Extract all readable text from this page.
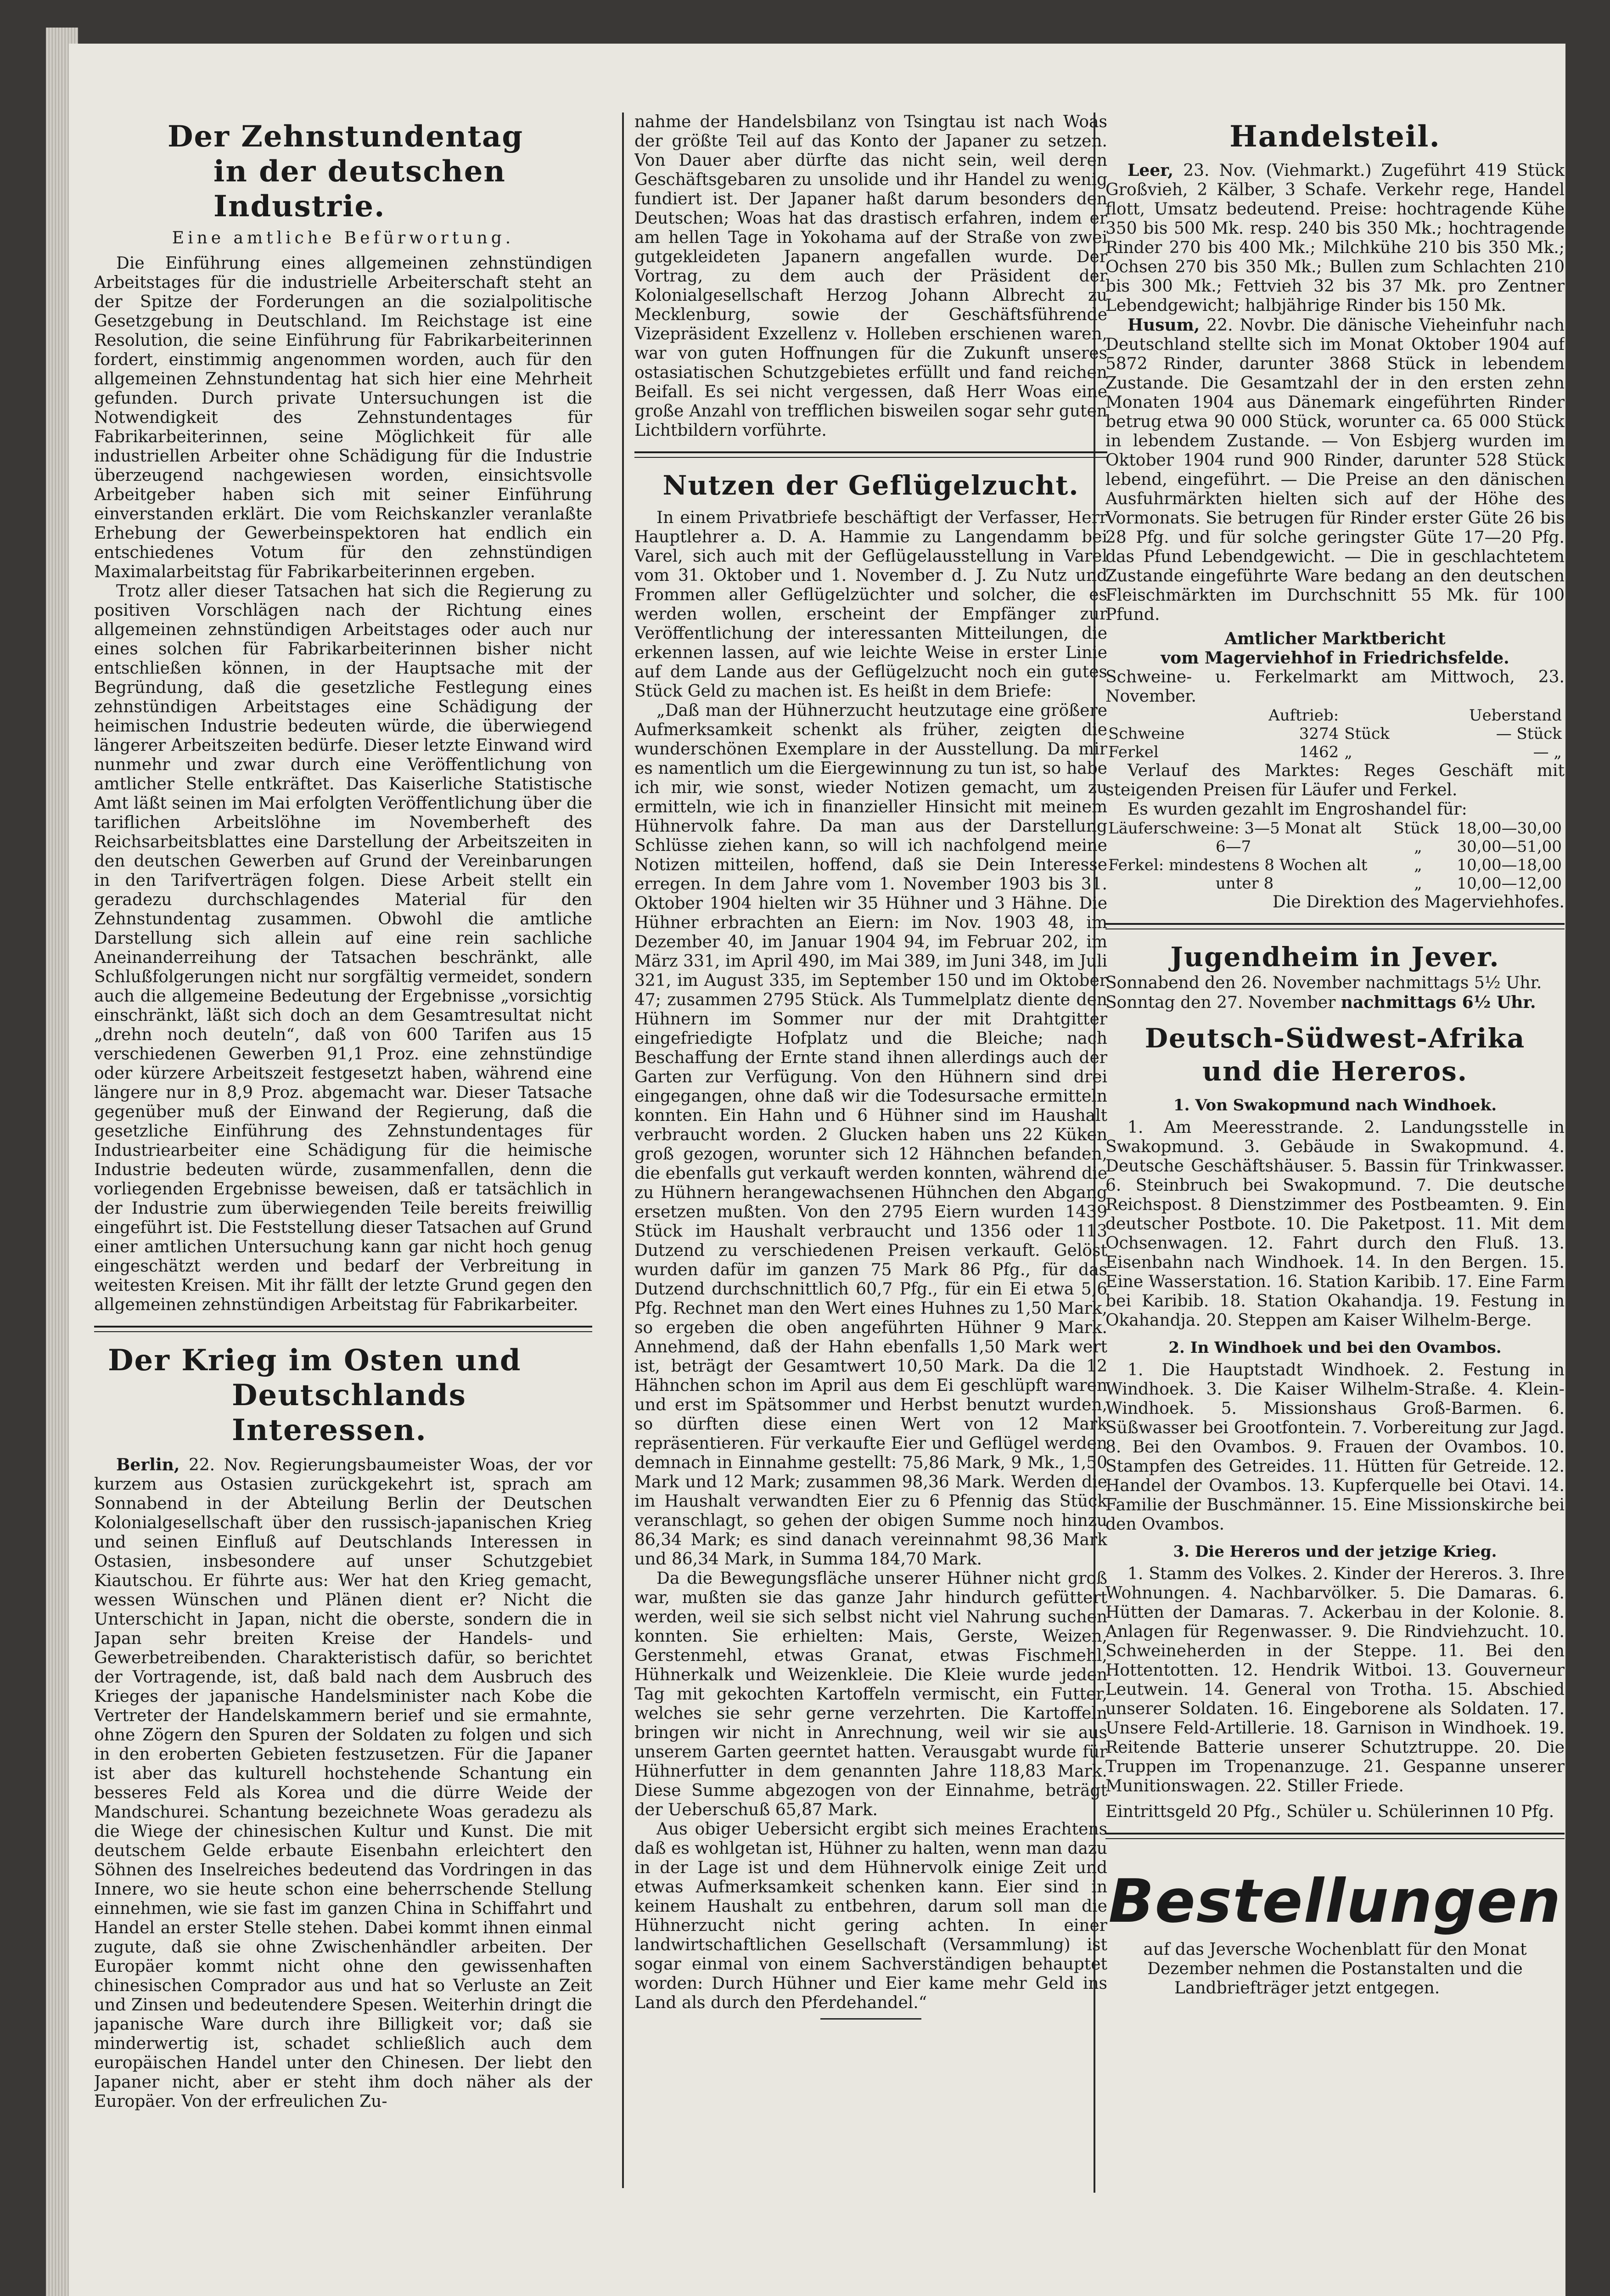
Der Zehnstundentag
in der deutschen Industrie.
Eine amtliche Befürwortung.

Die Einführung eines allgemeinen zehnstündigen Arbeitstages für die industrielle Arbeiterschaft steht an der Spitze der Forderungen an die sozialpolitische Gesetzgebung in Deutschland. Im Reichstage ist eine Resolution, die seine Einführung für Fabrikarbeiterinnen fordert, einstimmig angenommen worden, auch für den allgemeinen Zehnstundentag hat sich hier eine Mehrheit gefunden. Durch private Untersuchungen ist die Notwendigkeit des Zehnstundentages für Fabrikarbeiterinnen, seine Möglichkeit für alle industriellen Arbeiter ohne Schädigung für die Industrie überzeugend nachgewiesen worden, einsichtsvolle Arbeitgeber haben sich mit seiner Einführung einverstanden erklärt. Die vom Reichskanzler veranlaßte Erhebung der Gewerbeinspektoren hat endlich ein entschiedenes Votum für den zehnstündigen Maximalarbeitstag für Fabrikarbeiterinnen ergeben.

Trotz aller dieser Tatsachen hat sich die Regierung zu positiven Vorschlägen nach der Richtung eines allgemeinen zehnstündigen Arbeitstages oder auch nur eines solchen für Fabrikarbeiterinnen bisher nicht entschließen können, in der Hauptsache mit der Begründung, daß die gesetzliche Festlegung eines zehnstündigen Arbeitstages eine Schädigung der heimischen Industrie bedeuten würde, die überwiegend längerer Arbeitszeiten bedürfe. Dieser letzte Einwand wird nunmehr und zwar durch eine Veröffentlichung von amtlicher Stelle entkräftet. Das Kaiserliche Statistische Amt läßt seinen im Mai erfolgten Veröffentlichung über die tariflichen Arbeitslöhne im Novemberheft des Reichsarbeitsblattes eine Darstellung der Arbeitszeiten in den deutschen Gewerben auf Grund der Vereinbarungen in den Tarifverträgen folgen. Diese Arbeit stellt ein geradezu durchschlagendes Material für den Zehnstundentag zusammen. Obwohl die amtliche Darstellung sich allein auf eine rein sachliche Aneinanderreihung der Tatsachen beschränkt, alle Schlußfolgerungen nicht nur sorgfältig vermeidet, sondern auch die allgemeine Bedeutung der Ergebnisse „vorsichtig einschränkt, läßt sich doch an dem Gesamtresultat nicht „drehn noch deuteln“, daß von 600 Tarifen aus 15 verschiedenen Gewerben 91,1 Proz. eine zehnstündige oder kürzere Arbeitszeit festgesetzt haben, während eine längere nur in 8,9 Proz. abgemacht war. Dieser Tatsache gegenüber muß der Einwand der Regierung, daß die gesetzliche Einführung des Zehnstundentages für Industriearbeiter eine Schädigung für die heimische Industrie bedeuten würde, zusammenfallen, denn die vorliegenden Ergebnisse beweisen, daß er tatsächlich in der Industrie zum überwiegenden Teile bereits freiwillig eingeführt ist. Die Feststellung dieser Tatsachen auf Grund einer amtlichen Untersuchung kann gar nicht hoch genug eingeschätzt werden und bedarf der Verbreitung in weitesten Kreisen. Mit ihr fällt der letzte Grund gegen den allgemeinen zehnstündigen Arbeitstag für Fabrikarbeiter.

Der Krieg im Osten und
Deutschlands Interessen.

Berlin, 22. Nov. Regierungsbaumeister Woas, der vor kurzem aus Ostasien zurückgekehrt ist, sprach am Sonnabend in der Abteilung Berlin der Deutschen Kolonialgesellschaft über den russisch-japanischen Krieg und seinen Einfluß auf Deutschlands Interessen in Ostasien, insbesondere auf unser Schutzgebiet Kiautschou. Er führte aus: Wer hat den Krieg gemacht, wessen Wünschen und Plänen dient er? Nicht die Unterschicht in Japan, nicht die oberste, sondern die in Japan sehr breiten Kreise der Handels- und Gewerbetreibenden. Charakteristisch dafür, so berichtet der Vortragende, ist, daß bald nach dem Ausbruch des Krieges der japanische Handelsminister nach Kobe die Vertreter der Handelskammern berief und sie ermahnte, ohne Zögern den Spuren der Soldaten zu folgen und sich in den eroberten Gebieten festzusetzen. Für die Japaner ist aber das kulturell hochstehende Schantung ein besseres Feld als Korea und die dürre Weide der Mandschurei. Schantung bezeichnete Woas geradezu als die Wiege der chinesischen Kultur und Kunst. Die mit deutschem Gelde erbaute Eisenbahn erleichtert den Söhnen des Inselreiches bedeutend das Vordringen in das Innere, wo sie heute schon eine beherrschende Stellung einnehmen, wie sie fast im ganzen China in Schiffahrt und Handel an erster Stelle stehen. Dabei kommt ihnen einmal zugute, daß sie ohne Zwischenhändler arbeiten. Der Europäer kommt nicht ohne den gewissenhaften chinesischen Comprador aus und hat so Verluste an Zeit und Zinsen und bedeutendere Spesen. Weiterhin dringt die japanische Ware durch ihre Billigkeit vor; daß sie minderwertig ist, schadet schließlich auch dem europäischen Handel unter den Chinesen. Der liebt den Japaner nicht, aber er steht ihm doch näher als der Europäer. Von der erfreulichen Zu-

nahme der Handelsbilanz von Tsingtau ist nach Woas der größte Teil auf das Konto der Japaner zu setzen. Von Dauer aber dürfte das nicht sein, weil deren Geschäftsgebaren zu unsolide und ihr Handel zu wenig fundiert ist. Der Japaner haßt darum besonders den Deutschen; Woas hat das drastisch erfahren, indem er am hellen Tage in Yokohama auf der Straße von zwei gutgekleideten Japanern angefallen wurde. Der Vortrag, zu dem auch der Präsident der Kolonialgesellschaft Herzog Johann Albrecht zu Mecklenburg, sowie der Geschäftsführende Vizepräsident Exzellenz v. Holleben erschienen waren, war von guten Hoffnungen für die Zukunft unseres ostasiatischen Schutzgebietes erfüllt und fand reichen Beifall. Es sei nicht vergessen, daß Herr Woas eine große Anzahl von trefflichen bisweilen sogar sehr guten Lichtbildern vorführte.

Nutzen der Geflügelzucht.

In einem Privatbriefe beschäftigt der Verfasser, Herr Hauptlehrer a. D. A. Hammie zu Langendamm bei Varel, sich auch mit der Geflügelausstellung in Varel vom 31. Oktober und 1. November d. J. Zu Nutz und Frommen aller Geflügelzüchter und solcher, die es werden wollen, erscheint der Empfänger zur Veröffentlichung der interessanten Mitteilungen, die erkennen lassen, auf wie leichte Weise in erster Linie auf dem Lande aus der Geflügelzucht noch ein gutes Stück Geld zu machen ist. Es heißt in dem Briefe:

„Daß man der Hühnerzucht heutzutage eine größere Aufmerksamkeit schenkt als früher, zeigten die wunderschönen Exemplare in der Ausstellung. Da mir es namentlich um die Eiergewinnung zu tun ist, so habe ich mir, wie sonst, wieder Notizen gemacht, um zu ermitteln, wie ich in finanzieller Hinsicht mit meinem Hühnervolk fahre. Da man aus der Darstellung Schlüsse ziehen kann, so will ich nachfolgend meine Notizen mitteilen, hoffend, daß sie Dein Interesse erregen. In dem Jahre vom 1. November 1903 bis 31. Oktober 1904 hielten wir 35 Hühner und 3 Hähne. Die Hühner erbrachten an Eiern: im Nov. 1903 48, im Dezember 40, im Januar 1904 94, im Februar 202, im März 331, im April 490, im Mai 389, im Juni 348, im Juli 321, im August 335, im September 150 und im Oktober 47; zusammen 2795 Stück. Als Tummelplatz diente den Hühnern im Sommer nur der mit Drahtgitter eingefriedigte Hofplatz und die Bleiche; nach Beschaffung der Ernte stand ihnen allerdings auch der Garten zur Verfügung. Von den Hühnern sind drei eingegangen, ohne daß wir die Todesursache ermitteln konnten. Ein Hahn und 6 Hühner sind im Haushalt verbraucht worden. 2 Glucken haben uns 22 Küken groß gezogen, worunter sich 12 Hähnchen befanden, die ebenfalls gut verkauft werden konnten, während die zu Hühnern herangewachsenen Hühnchen den Abgang ersetzen mußten. Von den 2795 Eiern wurden 1439 Stück im Haushalt verbraucht und 1356 oder 113 Dutzend zu verschiedenen Preisen verkauft. Gelöst wurden dafür im ganzen 75 Mark 86 Pfg., für das Dutzend durchschnittlich 60,7 Pfg., für ein Ei etwa 5,6 Pfg. Rechnet man den Wert eines Huhnes zu 1,50 Mark, so ergeben die oben angeführten Hühner 9 Mark. Annehmend, daß der Hahn ebenfalls 1,50 Mark wert ist, beträgt der Gesamtwert 10,50 Mark. Da die 12 Hähnchen schon im April aus dem Ei geschlüpft waren und erst im Spätsommer und Herbst benutzt wurden, so dürften diese einen Wert von 12 Mark repräsentieren. Für verkaufte Eier und Geflügel werden demnach in Einnahme gestellt: 75,86 Mark, 9 Mk., 1,50 Mark und 12 Mark; zusammen 98,36 Mark. Werden die im Haushalt verwandten Eier zu 6 Pfennig das Stück veranschlagt, so gehen der obigen Summe noch hinzu 86,34 Mark; es sind danach vereinnahmt 98,36 Mark und 86,34 Mark, in Summa 184,70 Mark.

Da die Bewegungsfläche unserer Hühner nicht groß war, mußten sie das ganze Jahr hindurch gefüttert werden, weil sie sich selbst nicht viel Nahrung suchen konnten. Sie erhielten: Mais, Gerste, Weizen, Gerstenmehl, etwas Granat, etwas Fischmehl, Hühnerkalk und Weizenkleie. Die Kleie wurde jeden Tag mit gekochten Kartoffeln vermischt, ein Futter, welches sie sehr gerne verzehrten. Die Kartoffeln bringen wir nicht in Anrechnung, weil wir sie aus unserem Garten geerntet hatten. Verausgabt wurde für Hühnerfutter in dem genannten Jahre 118,83 Mark. Diese Summe abgezogen von der Einnahme, beträgt der Ueberschuß 65,87 Mark.

Aus obiger Uebersicht ergibt sich meines Erachtens daß es wohlgetan ist, Hühner zu halten, wenn man dazu in der Lage ist und dem Hühnervolk einige Zeit und etwas Aufmerksamkeit schenken kann. Eier sind in keinem Haushalt zu entbehren, darum soll man die Hühnerzucht nicht gering achten. In einer landwirtschaftlichen Gesellschaft (Versammlung) ist sogar einmal von einem Sachverständigen behauptet worden: Durch Hühner und Eier kame mehr Geld ins Land als durch den Pferdehandel.“

Handelsteil.

Leer, 23. Nov. (Viehmarkt.) Zugeführt 419 Stück Großvieh, 2 Kälber, 3 Schafe. Verkehr rege, Handel flott, Umsatz bedeutend. Preise: hochtragende Kühe 350 bis 500 Mk. resp. 240 bis 350 Mk.; hochtragende Rinder 270 bis 400 Mk.; Milchkühe 210 bis 350 Mk.; Ochsen 270 bis 350 Mk.; Bullen zum Schlachten 210 bis 300 Mk.; Fettvieh 32 bis 37 Mk. pro Zentner Lebendgewicht; halbjährige Rinder bis 150 Mk.

Husum, 22. Novbr. Die dänische Vieheinfuhr nach Deutschland stellte sich im Monat Oktober 1904 auf 5872 Rinder, darunter 3868 Stück in lebendem Zustande. Die Gesamtzahl der in den ersten zehn Monaten 1904 aus Dänemark eingeführten Rinder betrug etwa 90 000 Stück, worunter ca. 65 000 Stück in lebendem Zustande. — Von Esbjerg wurden im Oktober 1904 rund 900 Rinder, darunter 528 Stück lebend, eingeführt. — Die Preise an den dänischen Ausfuhrmärkten hielten sich auf der Höhe des Vormonats. Sie betrugen für Rinder erster Güte 26 bis 28 Pfg. und für solche geringster Güte 17—20 Pfg. das Pfund Lebendgewicht. — Die in geschlachtetem Zustande eingeführte Ware bedang an den deutschen Fleischmärkten im Durchschnitt 55 Mk. für 100 Pfund.

Amtlicher Marktbericht

vom Magerviehhof in Friedrichsfelde.

Schweine- u. Ferkelmarkt am Mittwoch, 23. November.

	Auftrieb:		Ueberstand
Schweine	3274	Stück	— Stück
Ferkel	1462	„	— „

Verlauf des Marktes: Reges Geschäft mit steigenden Preisen für Läufer und Ferkel.

Es wurden gezahlt im Engroshandel für:

Läuferschweine: 3—5 Monat alt	Stück	18,00—30,00
6—7	„	30,00—51,00
Ferkel: mindestens 8 Wochen alt	„	10,00—18,00
unter 8	„	10,00—12,00

Die Direktion des Magerviehhofes.

Jugendheim in Jever.

Sonnabend den 26. November nachmittags 5½ Uhr.

Sonntag den 27. November nachmittags 6½ Uhr.

Deutsch-Südwest-Afrika
und die Hereros.
1. Von Swakopmund nach Windhoek.

1. Am Meeresstrande. 2. Landungsstelle in Swakopmund. 3. Gebäude in Swakopmund. 4. Deutsche Geschäftshäuser. 5. Bassin für Trinkwasser. 6. Steinbruch bei Swakopmund. 7. Die deutsche Reichspost. 8 Dienstzimmer des Postbeamten. 9. Ein deutscher Postbote. 10. Die Paketpost. 11. Mit dem Ochsenwagen. 12. Fahrt durch den Fluß. 13. Eisenbahn nach Windhoek. 14. In den Bergen. 15. Eine Wasserstation. 16. Station Karibib. 17. Eine Farm bei Karibib. 18. Station Okahandja. 19. Festung in Okahandja. 20. Steppen am Kaiser Wilhelm-Berge.

2. In Windhoek und bei den Ovambos.

1. Die Hauptstadt Windhoek. 2. Festung in Windhoek. 3. Die Kaiser Wilhelm-Straße. 4. Klein-Windhoek. 5. Missionshaus Groß-Barmen. 6. Süßwasser bei Grootfontein. 7. Vorbereitung zur Jagd. 8. Bei den Ovambos. 9. Frauen der Ovambos. 10. Stampfen des Getreides. 11. Hütten für Getreide. 12. Handel der Ovambos. 13. Kupferquelle bei Otavi. 14. Familie der Buschmänner. 15. Eine Missionskirche bei den Ovambos.

3. Die Hereros und der jetzige Krieg.

1. Stamm des Volkes. 2. Kinder der Hereros. 3. Ihre Wohnungen. 4. Nachbarvölker. 5. Die Damaras. 6. Hütten der Damaras. 7. Ackerbau in der Kolonie. 8. Anlagen für Regenwasser. 9. Die Rindviehzucht. 10. Schweineherden in der Steppe. 11. Bei den Hottentotten. 12. Hendrik Witboi. 13. Gouverneur Leutwein. 14. General von Trotha. 15. Abschied unserer Soldaten. 16. Eingeborene als Soldaten. 17. Unsere Feld-Artillerie. 18. Garnison in Windhoek. 19. Reitende Batterie unserer Schutztruppe. 20. Die Truppen im Tropenanzuge. 21. Gespanne unserer Munitionswagen. 22. Stiller Friede.

Eintrittsgeld 20 Pfg., Schüler u. Schülerinnen 10 Pfg.

Bestellungen

auf das Jeversche Wochenblatt für den Monat

Dezember nehmen die Postanstalten und die

Landbriefträger jetzt entgegen.
